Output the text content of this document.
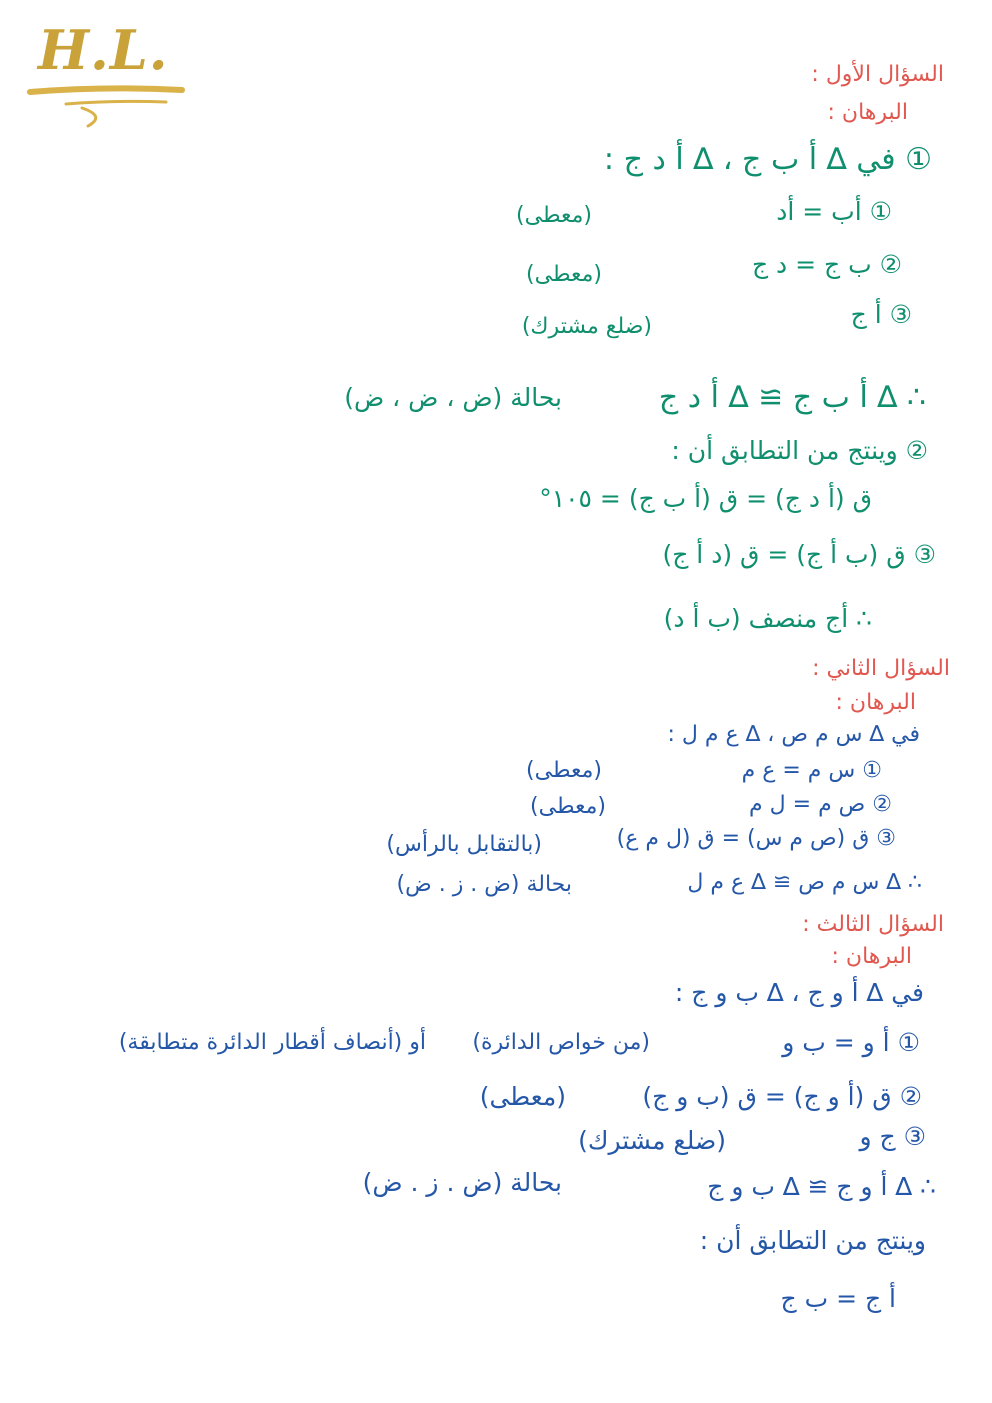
H.L.	السؤال الأول :
البرهان :
① في ∆ أ ب ج ، ∆ أ د ج :
① أب = أد
(معطى)
② ب ج = د ج
(معطى)
③ أ ج
(ضلع مشترك)
∴ ∆ أ ب ج ≅ ∆ أ د ج
بحالة (ض ، ض ، ض)
② وينتج من التطابق أن :
ق (أ د ج) = ق (أ ب ج) = ١٠٥°
③ ق (ب أ ج) = ق (د أ ج)
∴ أج منصف (ب أ د)
السؤال الثاني :
البرهان :
في ∆ س م ص ، ∆ ع م ل :
① س م = ع م
(معطى)
② ص م = ل م
(معطى)
③ ق (ص م س) = ق (ل م ع)
(بالتقابل بالرأس)
∴ ∆ س م ص ≅ ∆ ع م ل
بحالة (ض . ز . ض)
السؤال الثالث :
البرهان :
في ∆ أ و ج ، ∆ ب و ج :
① أ و = ب و
(من خواص الدائرة)
أو (أنصاف أقطار الدائرة متطابقة)
② ق (أ و ج) = ق (ب و ج)
(معطى)
③ ج و
(ضلع مشترك)
∴ ∆ أ و ج ≅ ∆ ب و ج
بحالة (ض . ز . ض)
وينتج من التطابق أن :
أ ج = ب ج
